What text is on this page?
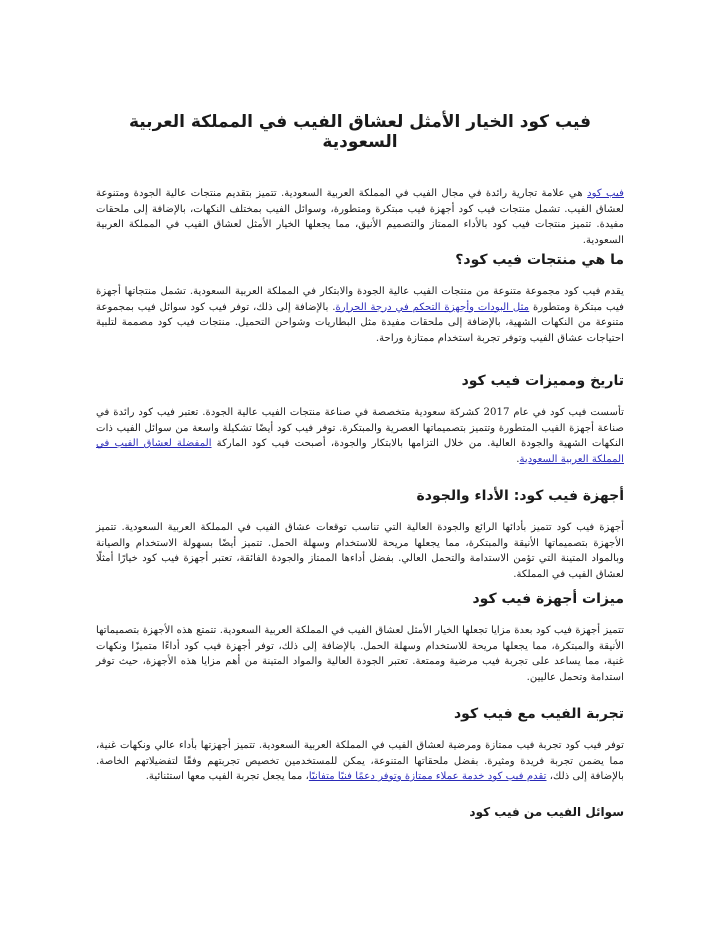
فيب كود الخيار الأمثل لعشاق الفيب في المملكة العربية السعودية

فيب كود هي علامة تجارية رائدة في مجال الفيب في المملكة العربية السعودية. تتميز بتقديم منتجات عالية الجودة ومتنوعة لعشاق الفيب. تشمل منتجات فيب كود أجهزة فيب مبتكرة ومتطورة، وسوائل الفيب بمختلف النكهات، بالإضافة إلى ملحقات مفيدة. تتميز منتجات فيب كود بالأداء الممتاز والتصميم الأنيق، مما يجعلها الخيار الأمثل لعشاق الفيب في المملكة العربية السعودية.

ما هي منتجات فيب كود؟

يقدم فيب كود مجموعة متنوعة من منتجات الفيب عالية الجودة والابتكار في المملكة العربية السعودية. تشمل منتجاتها أجهزة فيب مبتكرة ومتطورة مثل البودات وأجهزة التحكم في درجة الحرارة. بالإضافة إلى ذلك، توفر فيب كود سوائل فيب بمجموعة متنوعة من النكهات الشهية، بالإضافة إلى ملحقات مفيدة مثل البطاريات وشواحن التحميل. منتجات فيب كود مصممة لتلبية احتياجات عشاق الفيب وتوفر تجربة استخدام ممتازة وراحة.

تاريخ ومميزات فيب كود

تأسست فيب كود في عام 2017 كشركة سعودية متخصصة في صناعة منتجات الفيب عالية الجودة. تعتبر فيب كود رائدة في صناعة أجهزة الفيب المتطورة وتتميز بتصميماتها العصرية والمبتكرة. توفر فيب كود أيضًا تشكيلة واسعة من سوائل الفيب ذات النكهات الشهية والجودة العالية. من خلال التزامها بالابتكار والجودة، أصبحت فيب كود الماركة المفضلة لعشاق الفيب في المملكة العربية السعودية.

أجهزة فيب كود: الأداء والجودة

أجهزة فيب كود تتميز بأدائها الرائع والجودة العالية التي تناسب توقعات عشاق الفيب في المملكة العربية السعودية. تتميز الأجهزة بتصميماتها الأنيقة والمبتكرة، مما يجعلها مريحة للاستخدام وسهلة الحمل. تتميز أيضًا بسهولة الاستخدام والصيانة وبالمواد المتينة التي تؤمن الاستدامة والتحمل العالي. بفضل أداءها الممتاز والجودة الفائقة، تعتبر أجهزة فيب كود خيارًا أمثلًا لعشاق الفيب في المملكة.

ميزات أجهزة فيب كود

تتميز أجهزة فيب كود بعدة مزايا تجعلها الخيار الأمثل لعشاق الفيب في المملكة العربية السعودية. تتمتع هذه الأجهزة بتصميماتها الأنيقة والمبتكرة، مما يجعلها مريحة للاستخدام وسهلة الحمل. بالإضافة إلى ذلك، توفر أجهزة فيب كود أداءًا متميزًا ونكهات غنية، مما يساعد على تجربة فيب مرضية وممتعة. تعتبر الجودة العالية والمواد المتينة من أهم مزايا هذه الأجهزة، حيث توفر استدامة وتحمل عاليين.

تجربة الفيب مع فيب كود

توفر فيب كود تجربة فيب ممتازة ومرضية لعشاق الفيب في المملكة العربية السعودية. تتميز أجهزتها بأداء عالي ونكهات غنية، مما يضمن تجربة فريدة ومثيرة. بفضل ملحقاتها المتنوعة، يمكن للمستخدمين تخصيص تجربتهم وفقًا لتفضيلاتهم الخاصة. بالإضافة إلى ذلك، تقدم فيب كود خدمة عملاء ممتازة وتوفر دعمًا فنيًا متفانيًا، مما يجعل تجربة الفيب معها استثنائية.

سوائل الفيب من فيب كود
